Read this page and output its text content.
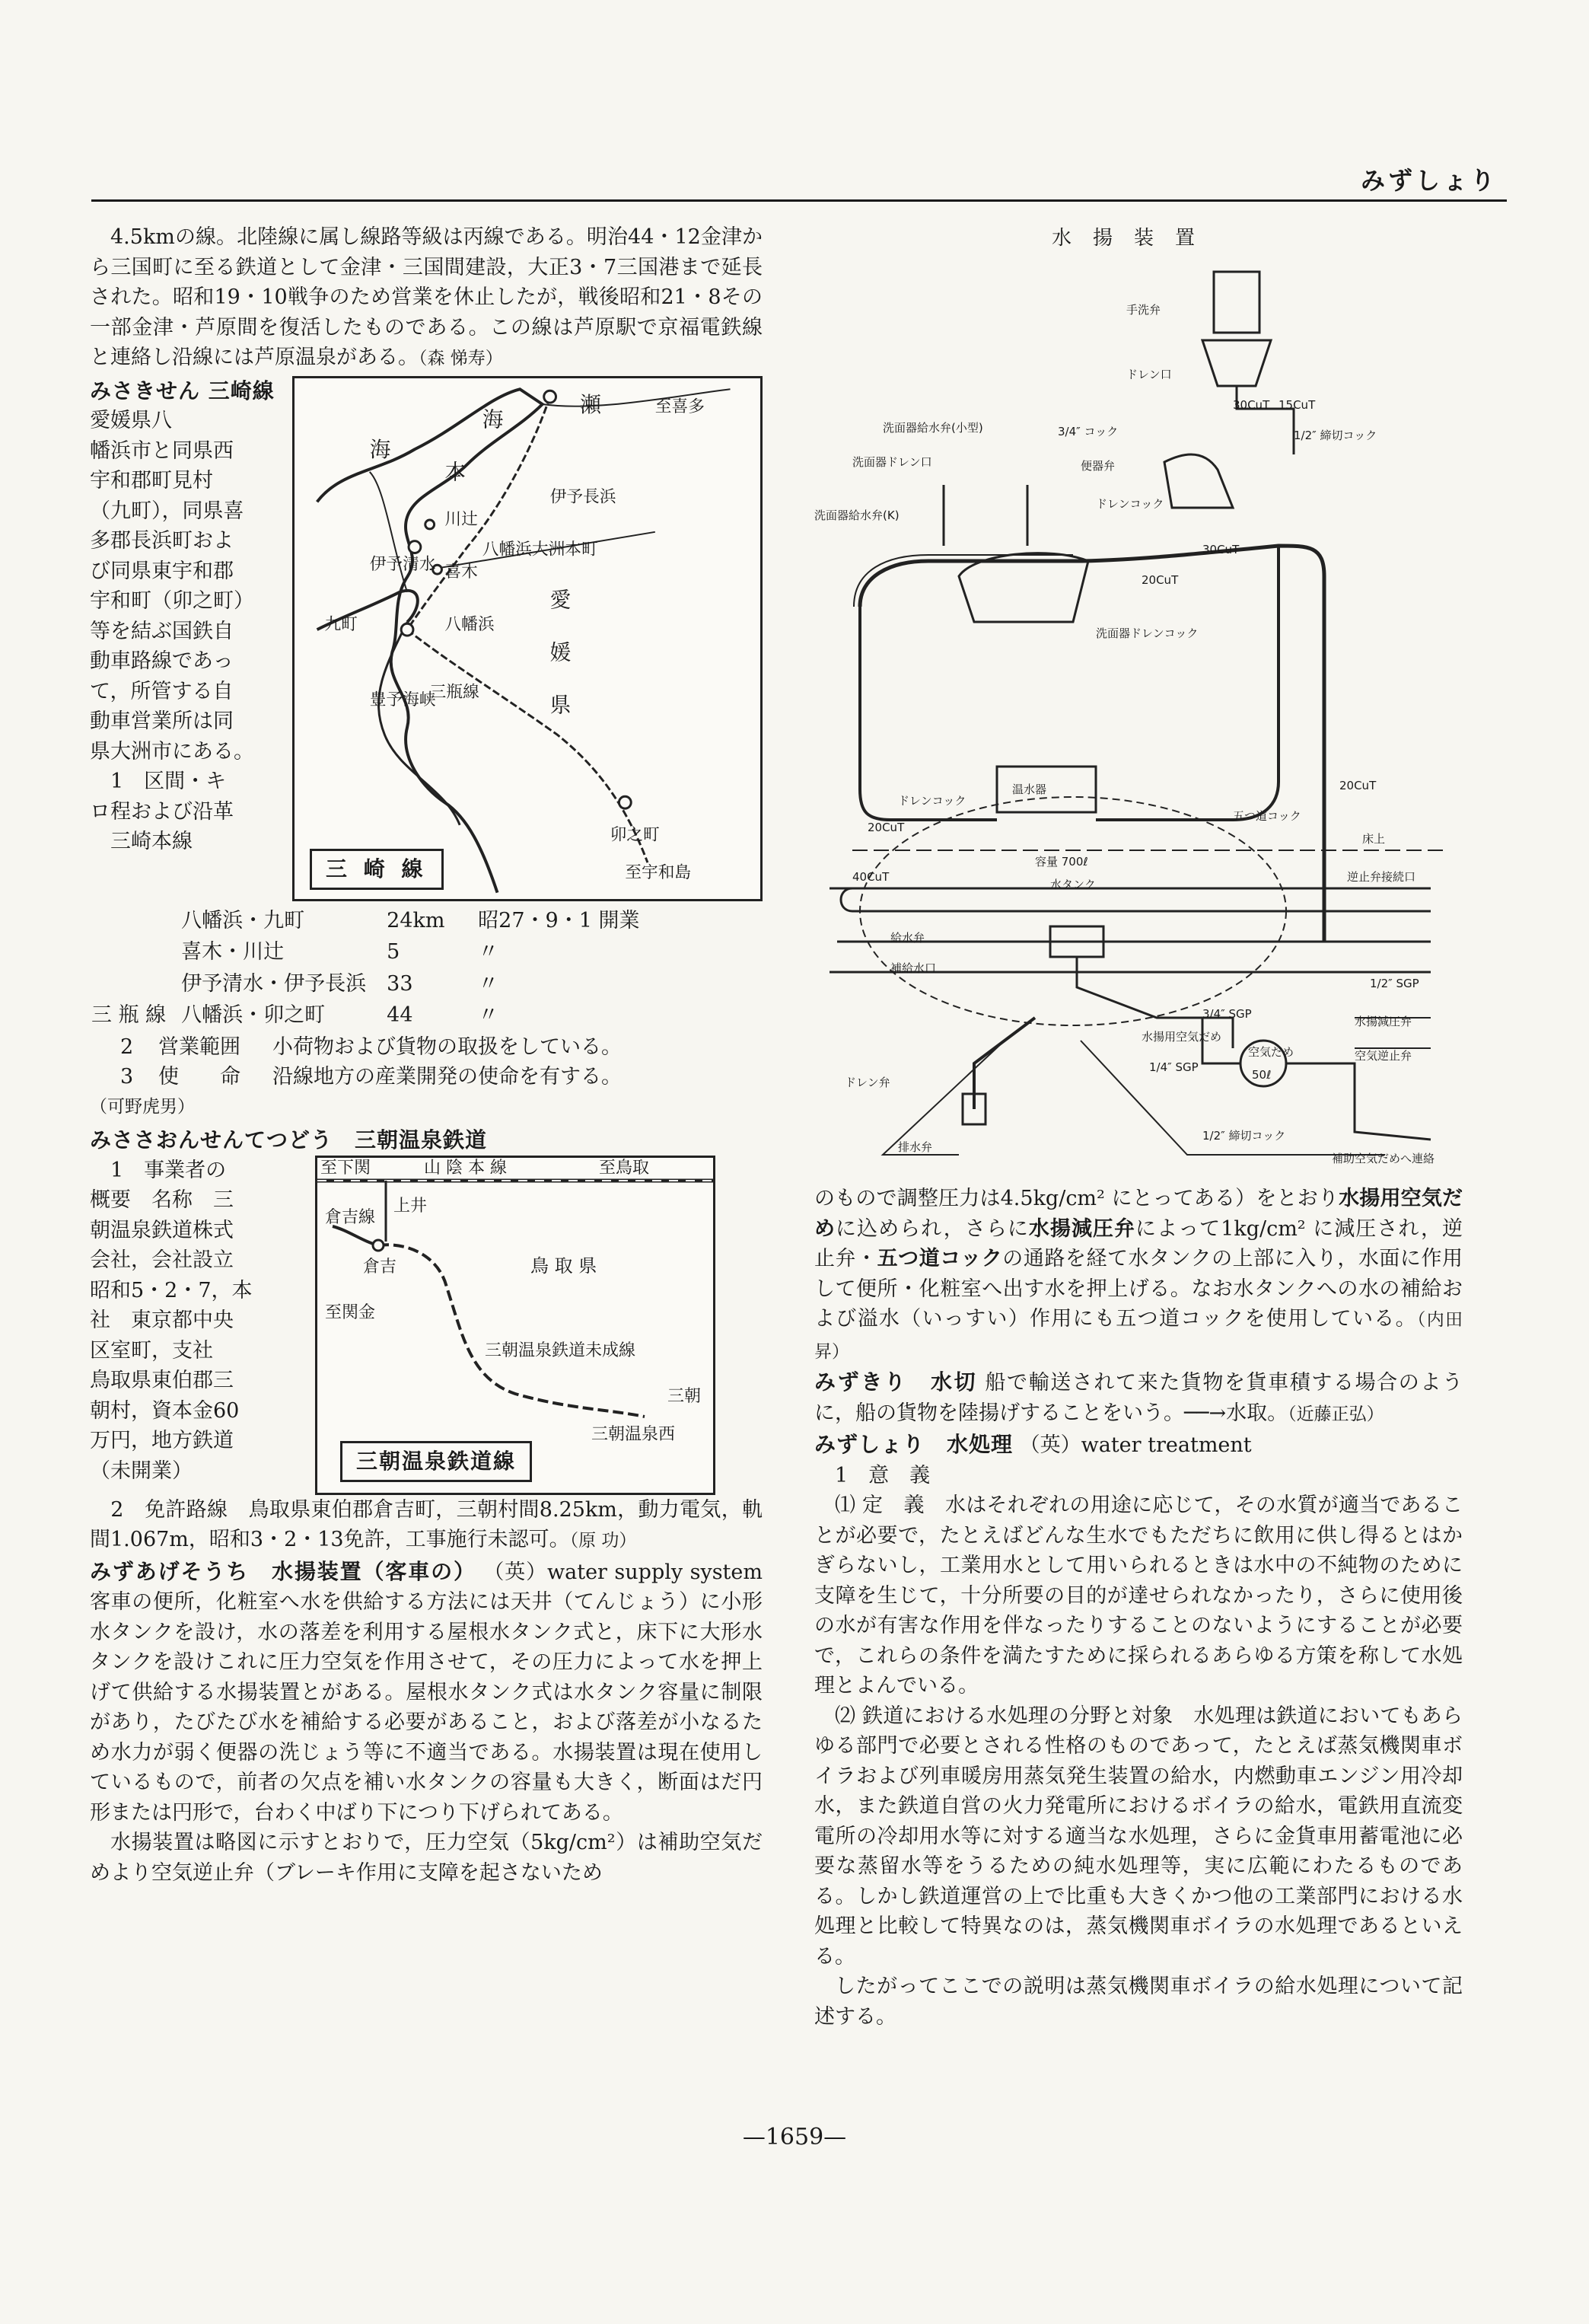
みずしょり

4.5kmの線。北陸線に属し線路等級は丙線である。明治44・12金津から三国町に至る鉄道として金津・三国間建設，大正3・7三国港まで延長された。昭和19・10戦争のため営業を休止したが，戦後昭和21・8その一部金津・芦原間を復活したものである。この線は芦原駅で京福電鉄線と連絡し沿線には芦原温泉がある。（森 悌寿）

みさきせん 三崎線
愛媛県八
幡浜市と同県西
宇和郡町見村
（九町），同県喜
多郡長浜町およ
び同県東宇和郡
宇和町（卯之町）
等を結ぶ国鉄自
動車路線であっ
て，所管する自
動車営業所は同
県大洲市にある。
　1　区間・キ
ロ程および沿革
　三崎本線
海
海
瀬
本
伊予長浜
川辻
喜木
伊予清水
九町	八幡浜
愛
媛
県
豊予海峡
三瓶線
卯之町
至宇和島
至喜多
八幡浜大洲本町
三 崎 線
	八幡浜・九町	24km	昭27・9・1 開業
	喜木・川辻	5	〃
	伊予清水・伊予長浜	33	〃
三 瓶 線	八幡浜・卯之町	44	〃
2	営業範囲	小荷物および貨物の取扱をしている。
3	使　　命	沿線地方の産業開発の使命を有する。
（可野虎男）
みささおんせんてつどう　三朝温泉鉄道
　1　事業者の
概要　名称　三
朝温泉鉄道株式
会社，会社設立
昭和5・2・7，本
社　東京都中央
区室町，支社
鳥取県東伯郡三
朝村，資本金60
万円，地方鉄道
（未開業）
至下関	山 陰 本 線	至鳥取
鳥 取 県
倉吉線
上井
倉吉
至関金
三朝温泉鉄道未成線
三朝温泉西
三朝
三朝温泉鉄道線

　2　免許路線　鳥取県東伯郡倉吉町，三朝村間8.25km，動力電気，軌間1.067m，昭和3・2・13免許，工事施行未認可。（原 功）

みずあげそうち　水揚装置（客車の） （英）water supply system 客車の便所，化粧室へ水を供給する方法には天井（てんじょう）に小形水タンクを設け，水の落差を利用する屋根水タンク式と，床下に大形水タンクを設けこれに圧力空気を作用させて，その圧力によって水を押上げて供給する水揚装置とがある。屋根水タンク式は水タンク容量に制限があり，たびたび水を補給する必要があること，および落差が小なるため水力が弱く便器の洗じょう等に不適当である。水揚装置は現在使用しているもので，前者の欠点を補い水タンクの容量も大きく，断面はだ円形または円形で，台わく中ばり下につり下げられてある。

水揚装置は略図に示すとおりで，圧力空気（5kg/cm²）は補助空気だめより空気逆止弁（ブレーキ作用に支障を起さないため

水揚装置
手洗弁
ドレン口
30CuT 15CuT
1/2″ 締切コック
洗面器給水弁(小型)	3/4″ コック
洗面器ドレン口	便器弁
ドレンコック
洗面器給水弁(K)
30CuT
20CuT
洗面器ドレンコック
温水器
ドレンコック
20CuT
20CuT
五つ道コック
床上
容量 700ℓ
水タンク
40CuT	逆止弁接続口
給水弁
補給水口
1/2″ SGP
3/4″ SGP
1/4″ SGP
水揚用空気だめ
ドレン弁
空気だめ
50ℓ
水揚減圧弁
空気逆止弁
1/2″ 締切コック
補助空気だめへ連絡
排水弁

のもので調整圧力は4.5kg/cm² にとってある）をとおり水揚用空気だめに込められ，さらに水揚減圧弁によって1kg/cm² に減圧され，逆止弁・五つ道コックの通路を経て水タンクの上部に入り，水面に作用して便所・化粧室へ出す水を押上げる。なお水タンクへの水の補給および溢水（いっすい）作用にも五つ道コックを使用している。（内田 昇）

みずきり　水切 船で輸送されて来た貨物を貨車積する場合のように，船の貨物を陸揚げすることをいう。──→水取。（近藤正弘）

みずしょり　水処理 （英）water treatment

　1　意　義

⑴ 定　義　水はそれぞれの用途に応じて，その水質が適当であることが必要で，たとえばどんな生水でもただちに飲用に供し得るとはかぎらないし，工業用水として用いられるときは水中の不純物のために支障を生じて，十分所要の目的が達せられなかったり，さらに使用後の水が有害な作用を伴なったりすることのないようにすることが必要で，これらの条件を満たすために採られるあらゆる方策を称して水処理とよんでいる。

⑵ 鉄道における水処理の分野と対象　水処理は鉄道においてもあらゆる部門で必要とされる性格のものであって，たとえば蒸気機関車ボイラおよび列車暖房用蒸気発生装置の給水，内燃動車エンジン用冷却水，また鉄道自営の火力発電所におけるボイラの給水，電鉄用直流変電所の冷却用水等に対する適当な水処理，さらに金貨車用蓄電池に必要な蒸留水等をうるための純水処理等，実に広範にわたるものである。しかし鉄道運営の上で比重も大きくかつ他の工業部門における水処理と比較して特異なのは，蒸気機関車ボイラの水処理であるといえる。

したがってここでの説明は蒸気機関車ボイラの給水処理について記述する。

—1659—
